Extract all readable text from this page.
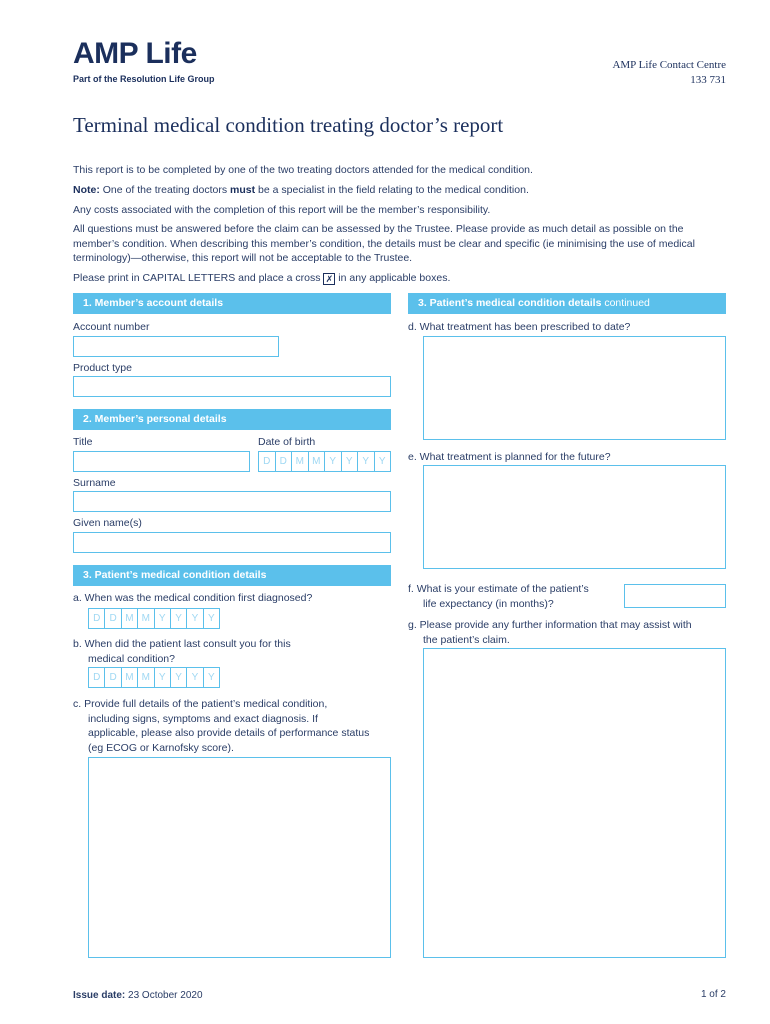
AMP Life
Part of the Resolution Life Group
AMP Life Contact Centre
133 731
Terminal medical condition treating doctor’s report
This report is to be completed by one of the two treating doctors attended for the medical condition.
Note: One of the treating doctors must be a specialist in the field relating to the medical condition.
Any costs associated with the completion of this report will be the member’s responsibility.
All questions must be answered before the claim can be assessed by the Trustee. Please provide as much detail as possible on the member’s condition. When describing this member’s condition, the details must be clear and specific (ie minimising the use of medical terminology)—otherwise, this report will not be acceptable to the Trustee.
Please print in CAPITAL LETTERS and place a cross ✗ in any applicable boxes.
1. Member’s account details
Account number
Product type
2. Member’s personal details
Title	Date of birth
D D M M Y Y Y Y
Surname
Given name(s)
3. Patient’s medical condition details
a. When was the medical condition first diagnosed?
D D M M Y Y Y Y
b. When did the patient last consult you for this
medical condition?
D D M M Y Y Y Y
c. Provide full details of the patient’s medical condition,
including signs, symptoms and exact diagnosis. If
applicable, please also provide details of performance status
(eg ECOG or Karnofsky score).
3. Patient’s medical condition details continued
d. What treatment has been prescribed to date?
e. What treatment is planned for the future?
f. What is your estimate of the patient’s
life expectancy (in months)?
g. Please provide any further information that may assist with
the patient’s claim.
Issue date: 23 October 2020	1 of 2
